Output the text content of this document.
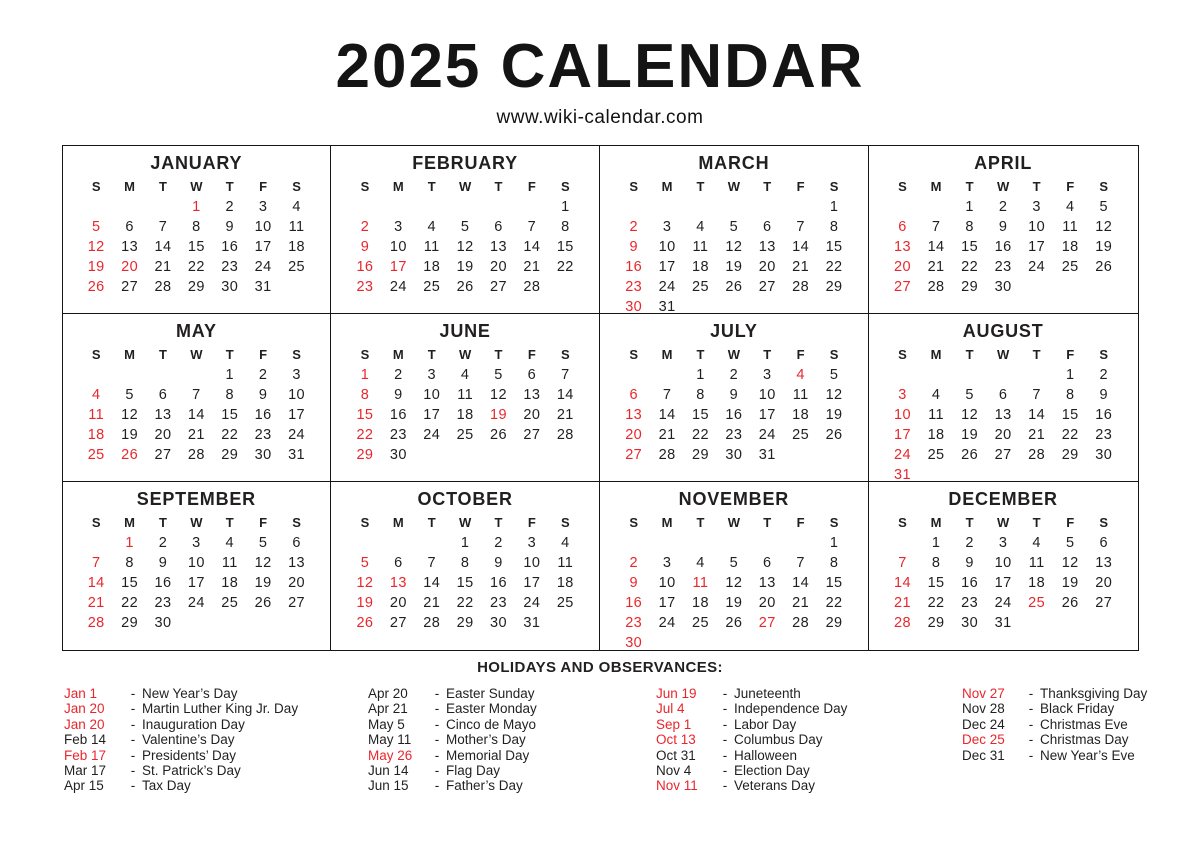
2025 CALENDAR
www.wiki-calendar.com
JANUARY
S	M	T	W	T	F	S
			1	2	3	4
5	6	7	8	9	10	11
12	13	14	15	16	17	18
19	20	21	22	23	24	25
26	27	28	29	30	31	

FEBRUARY
S	M	T	W	T	F	S
						1
2	3	4	5	6	7	8
9	10	11	12	13	14	15
16	17	18	19	20	21	22
23	24	25	26	27	28	

MARCH
S	M	T	W	T	F	S
						1
2	3	4	5	6	7	8
9	10	11	12	13	14	15
16	17	18	19	20	21	22
23	24	25	26	27	28	29
30	31					
APRIL
S	M	T	W	T	F	S
		1	2	3	4	5
6	7	8	9	10	11	12
13	14	15	16	17	18	19
20	21	22	23	24	25	26
27	28	29	30			

MAY
S	M	T	W	T	F	S
				1	2	3
4	5	6	7	8	9	10
11	12	13	14	15	16	17
18	19	20	21	22	23	24
25	26	27	28	29	30	31

JUNE
S	M	T	W	T	F	S
1	2	3	4	5	6	7
8	9	10	11	12	13	14
15	16	17	18	19	20	21
22	23	24	25	26	27	28
29	30					

JULY
S	M	T	W	T	F	S
		1	2	3	4	5
6	7	8	9	10	11	12
13	14	15	16	17	18	19
20	21	22	23	24	25	26
27	28	29	30	31		

AUGUST
S	M	T	W	T	F	S
					1	2
3	4	5	6	7	8	9
10	11	12	13	14	15	16
17	18	19	20	21	22	23
24	25	26	27	28	29	30
31						
SEPTEMBER
S	M	T	W	T	F	S
	1	2	3	4	5	6
7	8	9	10	11	12	13
14	15	16	17	18	19	20
21	22	23	24	25	26	27
28	29	30				

OCTOBER
S	M	T	W	T	F	S
			1	2	3	4
5	6	7	8	9	10	11
12	13	14	15	16	17	18
19	20	21	22	23	24	25
26	27	28	29	30	31	

NOVEMBER
S	M	T	W	T	F	S
						1
2	3	4	5	6	7	8
9	10	11	12	13	14	15
16	17	18	19	20	21	22
23	24	25	26	27	28	29
30						
DECEMBER
S	M	T	W	T	F	S
	1	2	3	4	5	6
7	8	9	10	11	12	13
14	15	16	17	18	19	20
21	22	23	24	25	26	27
28	29	30	31			

HOLIDAYS AND OBSERVANCES:
Jan 1	- New Year’s Day
Jan 20	- Martin Luther King Jr. Day
Jan 20	- Inauguration Day
Feb 14	- Valentine’s Day
Feb 17	- Presidents’ Day
Mar 17	- St. Patrick’s Day
Apr 15	- Tax Day
Apr 20	- Easter Sunday
Apr 21	- Easter Monday
May 5	- Cinco de Mayo
May 11	- Mother’s Day
May 26	- Memorial Day
Jun 14	- Flag Day
Jun 15	- Father’s Day
Jun 19	- Juneteenth
Jul 4	- Independence Day
Sep 1	- Labor Day
Oct 13	- Columbus Day
Oct 31	- Halloween
Nov 4	- Election Day
Nov 11	- Veterans Day
Nov 27	- Thanksgiving Day
Nov 28	- Black Friday
Dec 24	- Christmas Eve
Dec 25	- Christmas Day
Dec 31	- New Year’s Eve
